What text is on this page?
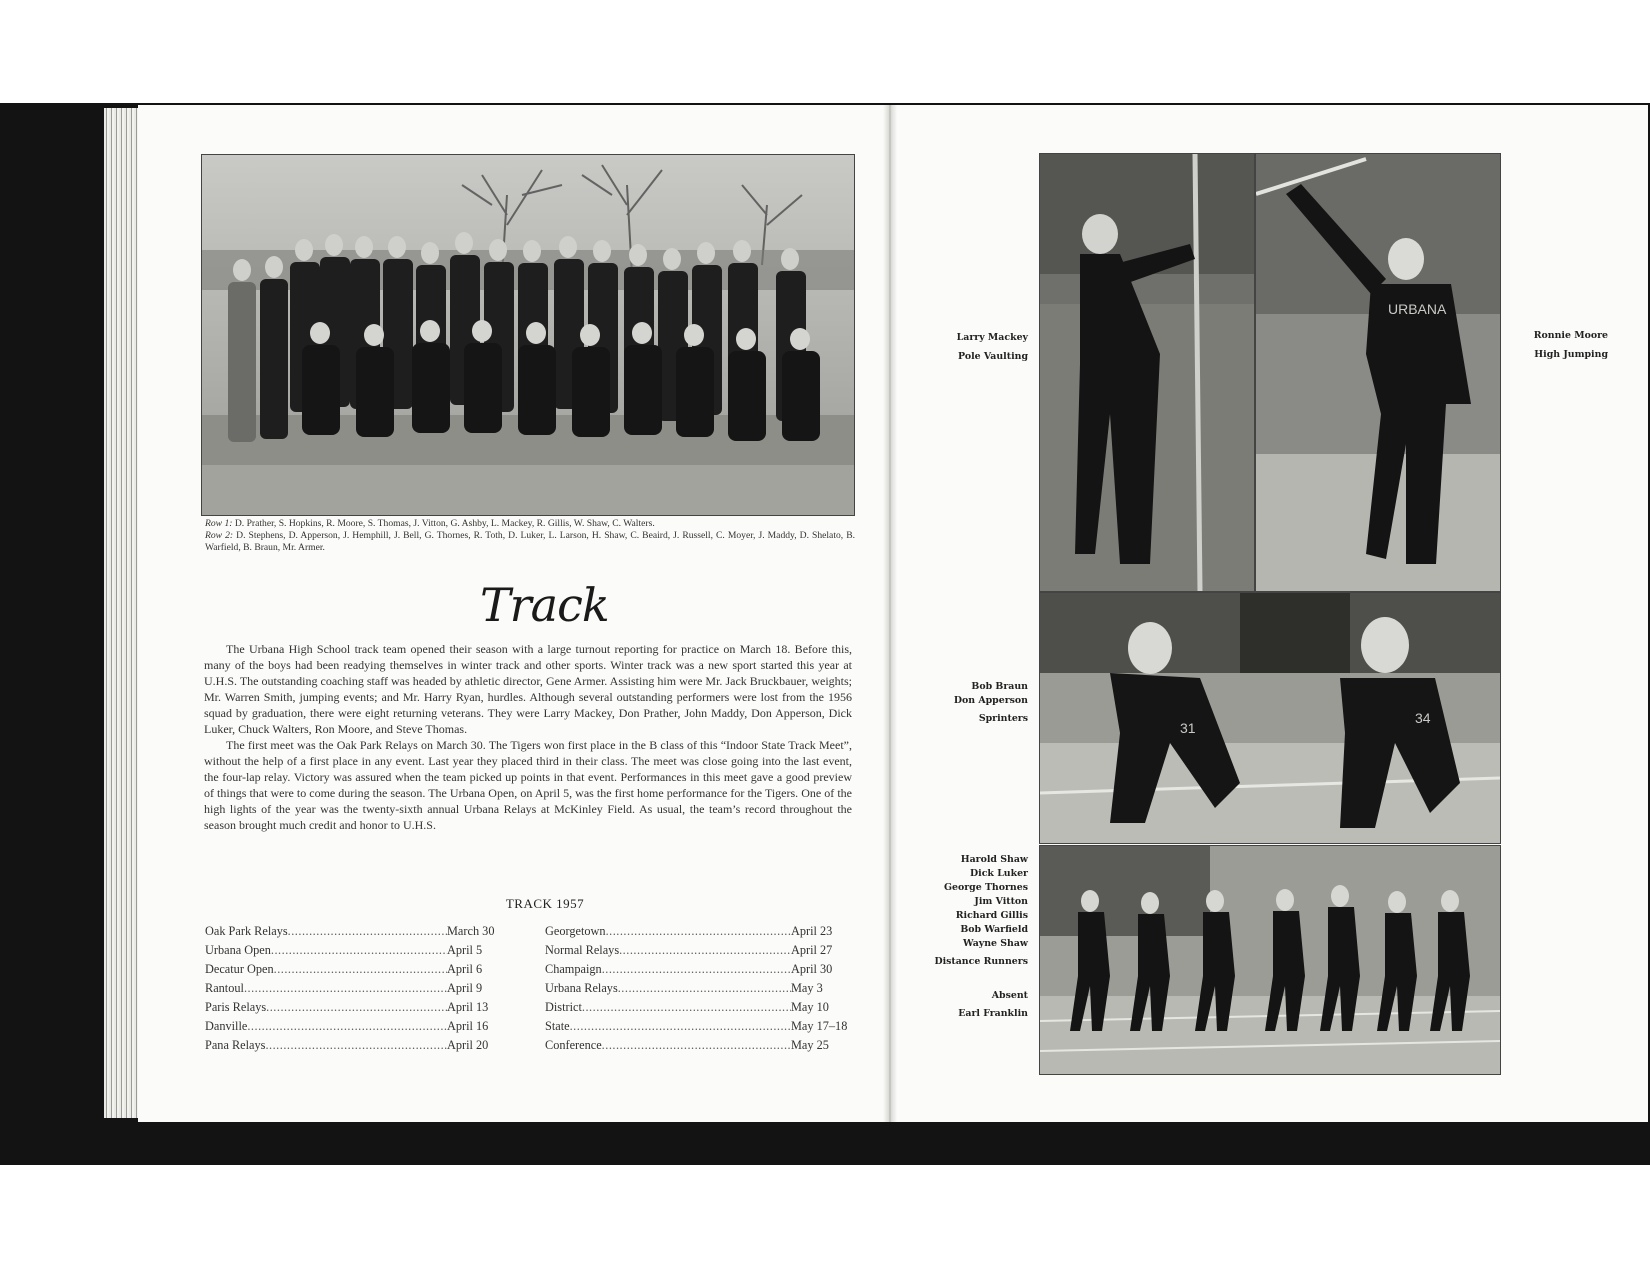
Row 1: D. Prather, S. Hopkins, R. Moore, S. Thomas, J. Vitton, G. Ashby, L. Mackey, R. Gillis, W. Shaw, C. Walters.
Row 2: D. Stephens, D. Apperson, J. Hemphill, J. Bell, G. Thornes, R. Toth, D. Luker, L. Larson, H. Shaw, C. Beaird, J. Russell, C. Moyer, J. Maddy, D. Shelato, B. Warfield, B. Braun, Mr. Armer.
Track

The Urbana High School track team opened their season with a large turnout reporting for practice on March 18. Before this, many of the boys had been readying themselves in winter track and other sports. Winter track was a new sport started this year at U.H.S. The outstanding coaching staff was headed by athletic director, Gene Armer. Assisting him were Mr. Jack Bruckbauer, weights; Mr. Warren Smith, jumping events; and Mr. Harry Ryan, hurdles. Although several outstanding performers were lost from the 1956 squad by graduation, there were eight returning veterans. They were Larry Mackey, Don Prather, John Maddy, Don Apperson, Dick Luker, Chuck Walters, Ron Moore, and Steve Thomas.

The first meet was the Oak Park Relays on March 30. The Tigers won first place in the B class of this “Indoor State Track Meet”, without the help of a first place in any event. Last year they placed third in their class. The meet was close going into the last event, the four-lap relay. Victory was assured when the team picked up points in that event. Performances in this meet gave a good preview of things that were to come during the season. The Urbana Open, on April 5, was the first home performance for the Tigers. One of the high lights of the year was the twenty-sixth annual Urbana Relays at McKinley Field. As usual, the team’s record throughout the season brought much credit and honor to U.H.S.

TRACK 1957
Oak Park Relays .....	March 30
Urbana Open .....	April 5
Decatur Open .....	April 6
Rantoul .....	April 9
Paris Relays .....	April 13
Danville .....	April 16
Pana Relays .....	April 20
Georgetown .....	April 23
Normal Relays .....	April 27
Champaign .....	April 30
Urbana Relays .....	May 3
District .....	May 10
State .....	May 17–18
Conference .....	May 25
URBANA
31
34
Larry Mackey
Pole Vaulting
Ronnie Moore
High Jumping
Bob Braun
Don Apperson
Sprinters
Harold Shaw
Dick Luker
George Thornes
Jim Vitton
Richard Gillis
Bob Warfield
Wayne Shaw
Distance Runners
Absent
Earl Franklin
